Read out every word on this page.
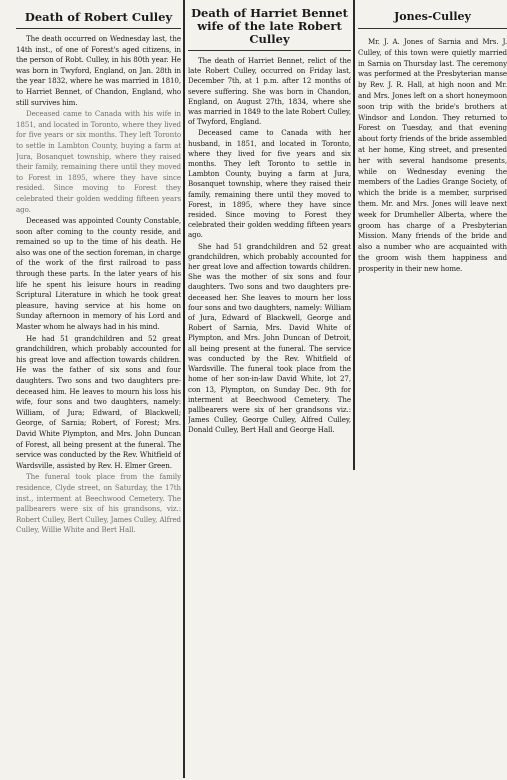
Death of Robert Culley

The death occurred on Wednesday last, the 14th inst., of one of Forest's aged citizens, in the person of Robt. Culley, in his 80th year. He was born in Twyford, England, on Jan. 28th in the year 1832, where he was married in 1810, to Harriet Bennet, of Chandon, England, who still survives him.

Deceased came to Canada with his wife in 1851, and located in Toronto, where they lived for five years or six months. They left Toronto to settle in Lambton County, buying a farm at Jura, Bosanquet township, where they raised their family, remaining there until they moved to Forest in 1895, where they have since resided. Since moving to Forest they celebrated their golden wedding fifteen years ago.

Deceased was appointed County Constable, soon after coming to the county reside, and remained so up to the time of his death. He also was one of the section foreman, in charge of the work of the first railroad to pass through these parts. In the later years of his life he spent his leisure hours in reading Scriptural Literature in which he took great pleasure, having service at his home on Sunday afternoon in memory of his Lord and Master whom he always had in his mind.

He had 51 grandchildren and 52 great grandchildren, which probably accounted for his great love and affection towards children. He was the father of six sons and four daughters. Two sons and two daughters pre-deceased him. He leaves to mourn his loss his wife, four sons and two daughters, namely: William, of Jura; Edward, of Blackwell; George, of Sarnia; Robert, of Forest; Mrs. David White Plympton, and Mrs. John Duncan of Forest, all being present at the funeral. The service was conducted by the Rev. Whitfield of Wardsville, assisted by Rev. H. Elmer Green.

The funeral took place from the family residence, Clyde street, on Saturday, the 17th inst., interment at Beechwood Cemetery. The pallbearers were six of his grandsons, viz.: Robert Culley, Bert Culley, James Culley, Alfred Culley, Willie White and Bert Hall.

Death of Harriet Bennet wife of the late Robert Culley

The death of Harriet Bennet, relict of the late Robert Culley, occurred on Friday last, December 7th, at 1 p.m. after 12 months of severe suffering. She was born in Chandon, England, on August 27th, 1834, where she was married in 1849 to the late Robert Culley, of Twyford, England.

Deceased came to Canada with her husband, in 1851, and located in Toronto, where they lived for five years and six months. They left Toronto to settle in Lambton County, buying a farm at Jura, Bosanquet township, where they raised their family, remaining there until they moved to Forest, in 1895, where they have since resided. Since moving to Forest they celebrated their golden wedding fifteen years ago.

She had 51 grandchildren and 52 great grandchildren, which probably accounted for her great love and affection towards children. She was the mother of six sons and four daughters. Two sons and two daughters pre-deceased her. She leaves to mourn her loss four sons and two daughters, namely: William of Jura, Edward of Blackwell, George and Robert of Sarnia, Mrs. David White of Plympton, and Mrs. John Duncan of Detroit, all being present at the funeral. The service was conducted by the Rev. Whitfield of Wardsville. The funeral took place from the home of her son-in-law David White, lot 27, con 13, Plympton, on Sunday Dec. 9th for interment at Beechwood Cemetery. The pallbearers were six of her grandsons viz.: James Culley, George Culley, Alfred Culley, Donald Culley, Bert Hall and George Hall.

Jones-Culley

Mr. J. A. Jones of Sarnia and Mrs. J. Culley, of this town were quietly married in Sarnia on Thursday last. The ceremony was performed at the Presbyterian manse by Rev. J. R. Hall, at high noon and Mr. and Mrs. Jones left on a short honeymoon soon trip with the bride's brothers at Windsor and London. They returned to Forest on Tuesday, and that evening about forty friends of the bride assembled at her home, King street, and presented her with several handsome presents, while on Wednesday evening the members of the Ladies Grange Society, of which the bride is a member, surprised them. Mr. and Mrs. Jones will leave next week for Drumheller Alberta, where the groom has charge of a Presbyterian Mission. Many friends of the bride and also a number who are acquainted with the groom wish them happiness and prosperity in their new home.
